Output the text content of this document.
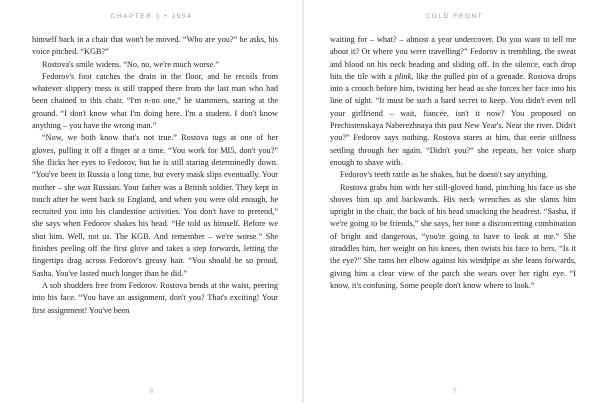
CHAPTER 1 • 1954

himself back in a chair that won't be moved. “Who are you?” he asks, his voice pitched. “KGB?”

Rostova's smile widens. “No, no, we're much worse.”

Fedorov's foot catches the drain in the floor, and he recoils from whatever slippery mess is still trapped there from the last man who had been chained to this chair. “I'm n-no one,” he stammers, staring at the ground. “I don't know what I'm doing here. I'm a student. I don't know anything – you have the wrong man.”

“Now, we both know that's not true.” Rostova tugs at one of her gloves, pulling it off a finger at a time. “You work for MI5, don't you?” She flicks her eyes to Fedorov, but he is still staring determinedly down. “You've been in Russia a long time, but every mask slips eventually. Your mother – she was Russian. Your father was a British soldier. They kept in touch after he went back to England, and when you were old enough, he recruited you into his clandestine activities. You don't have to pretend,” she says when Fedorov shakes his head. “He told us himself. Before we shot him. Well, not us. The KGB. And remember – we're worse.” She finishes peeling off the first glove and takes a step forwards, letting the fingertips drag across Fedorov's greasy hair. “You should be so proud, Sasha. You've lasted much longer than he did.”

A sob shudders free from Fedorov. Rostova bends at the waist, peering into his face. “You have an assignment, don't you? That's exciting! Your first assignment! You've been

6
COLD FRONT

waiting for – what? – almost a year undercover. Do you want to tell me about it? Or where you were travelling?” Fedorov is trembling, the sweat and blood on his neck beading and sliding off. In the silence, each drop hits the tile with a plink, like the pulled pin of a grenade. Rostova drops into a crouch before him, twisting her head as she forces her face into his line of sight. “It must be such a hard secret to keep. You didn't even tell your girlfriend – wait, fiancée, isn't it now? You proposed on Prechistenskaya Naberezhnaya this past New Year's. Near the river. Didn't you?” Fedorov says nothing. Rostova stares at him, that eerie stillness settling through her again. “Didn't you?” she repeats, her voice sharp enough to shave with.

Fedorov's teeth rattle as he shakes, but he doesn't say anything.

Rostova grabs him with her still-gloved hand, pinching his face as she shoves him up and backwards. His neck wrenches as she slams him upright in the chair, the back of his head smacking the headrest. “Sasha, if we're going to be friends,” she says, her tone a disconcerting combination of bright and dangerous, “you're going to have to look at me.” She straddles him, her weight on his knees, then twists his face to hers. “Is it the eye?” She rams her elbow against his windpipe as she leans forwards, giving him a clear view of the patch she wears over her right eye. “I know, it's confusing. Some people don't know where to look.”

7
